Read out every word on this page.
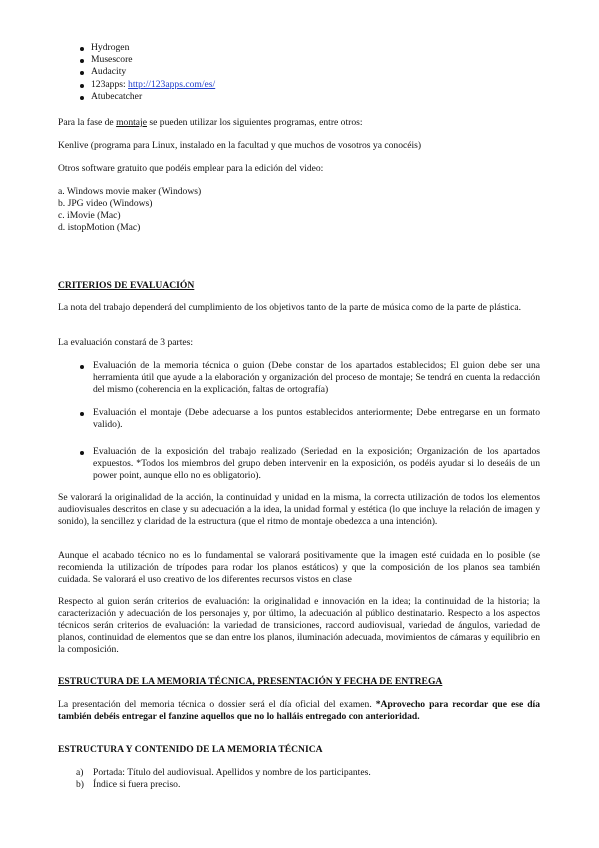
Hydrogen
Musescore
Audacity
123apps: http://123apps.com/es/
Atubecatcher
Para la fase de montaje se pueden utilizar los siguientes programas, entre otros:
Kenlive (programa para Linux, instalado en la facultad y que muchos de vosotros ya conocéis)
Otros software gratuito que podéis emplear para la edición del video:
a. Windows movie maker (Windows)
b. JPG video (Windows)
c. iMovie (Mac)
d. istopMotion (Mac)
CRITERIOS DE EVALUACIÓN
La nota del trabajo dependerá del cumplimiento de los objetivos tanto de la parte de música como de la parte de plástica.
La evaluación constará de 3 partes:
Evaluación de la memoria técnica o guion (Debe constar de los apartados establecidos; El guion debe ser una herramienta útil que ayude a la elaboración y organización del proceso de montaje; Se tendrá en cuenta la redacción del mismo (coherencia en la explicación, faltas de ortografía)
Evaluación el montaje (Debe adecuarse a los puntos establecidos anteriormente; Debe entregarse en un formato valido).
Evaluación de la exposición del trabajo realizado (Seriedad en la exposición; Organización de los apartados expuestos. *Todos los miembros del grupo deben intervenir en la exposición, os podéis ayudar si lo deseáis de un power point, aunque ello no es obligatorio).
Se valorará la originalidad de la acción, la continuidad y unidad en la misma, la correcta utilización de todos los elementos audiovisuales descritos en clase y su adecuación a la idea, la unidad formal y estética (lo que incluye la relación de imagen y sonido), la sencillez y claridad de la estructura (que el ritmo de montaje obedezca a una intención).
Aunque el acabado técnico no es lo fundamental se valorará positivamente que la imagen esté cuidada en lo posible (se recomienda la utilización de trípodes para rodar los planos estáticos) y que la composición de los planos sea también cuidada. Se valorará el uso creativo de los diferentes recursos vistos en clase
Respecto al guion serán criterios de evaluación: la originalidad e innovación en la idea; la continuidad de la historia; la caracterización y adecuación de los personajes y, por último, la adecuación al público destinatario. Respecto a los aspectos técnicos serán criterios de evaluación: la variedad de transiciones, raccord audiovisual, variedad de ángulos, variedad de planos, continuidad de elementos que se dan entre los planos, iluminación adecuada, movimientos de cámaras y equilibrio en la composición.
ESTRUCTURA DE LA MEMORIA TÉCNICA, PRESENTACIÓN Y FECHA DE ENTREGA
La presentación del memoria técnica o dossier será el día oficial del examen. *Aprovecho para recordar que ese día también debéis entregar el fanzine aquellos que no lo halláis entregado con anterioridad.
ESTRUCTURA Y CONTENIDO DE LA MEMORIA TÉCNICA
a) Portada: Título del audiovisual. Apellidos y nombre de los participantes.
b) Índice si fuera preciso.
